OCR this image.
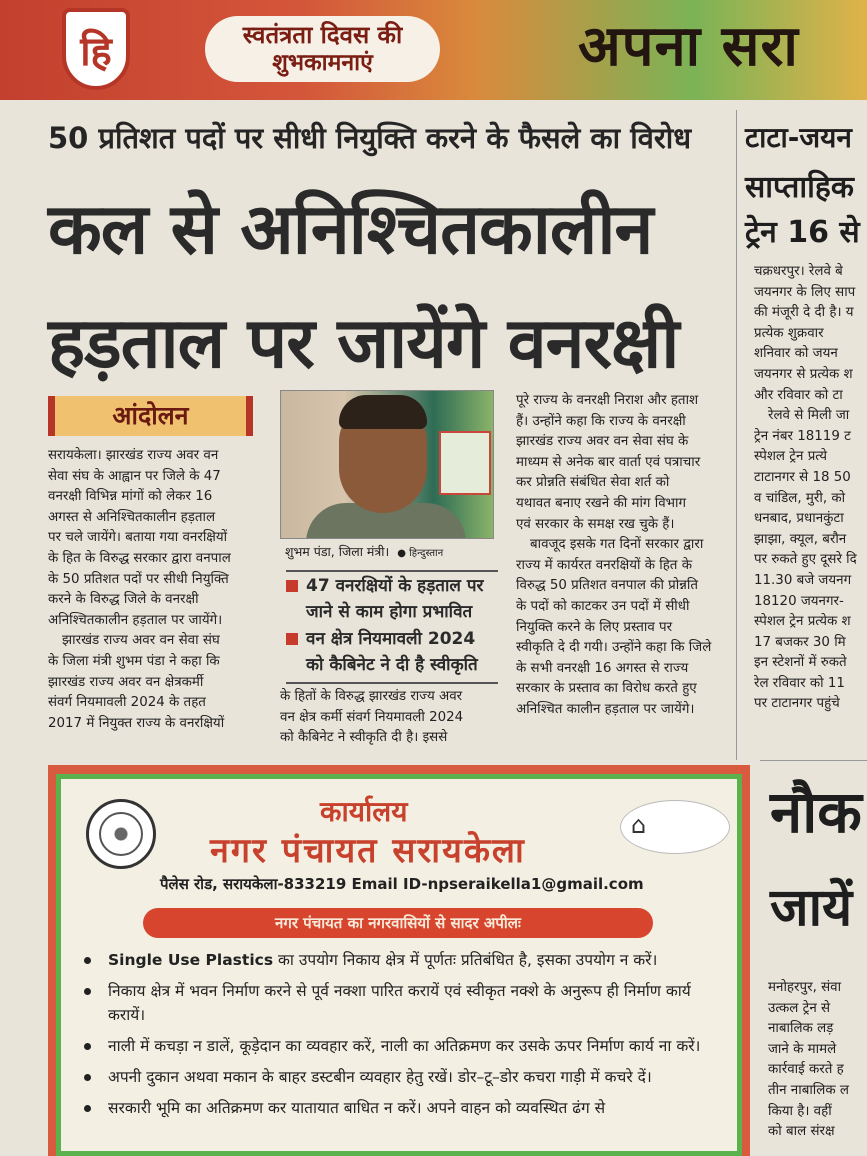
हि	स्वतंत्रता दिवस की
शुभकामनाएं	अपना सरा
50 प्रतिशत पदों पर सीधी नियुक्ति करने के फैसले का विरोध
कल से अनिश्चितकालीन
हड़ताल पर जायेंगे वनरक्षी
आंदोलन

सरायकेला। झारखंड राज्य अवर वन

सेवा संघ के आह्वान पर जिले के 47

वनरक्षी विभिन्न मांगों को लेकर 16

अगस्त से अनिश्चितकालीन हड़ताल

पर चले जायेंगे। बताया गया वनरक्षियों

के हित के विरुद्ध सरकार द्वारा वनपाल

के 50 प्रतिशत पदों पर सीधी नियुक्ति

करने के विरुद्ध जिले के वनरक्षी

अनिश्चितकालीन हड़ताल पर जायेंगे।

झारखंड राज्य अवर वन सेवा संघ

के जिला मंत्री शुभम पंडा ने कहा कि

झारखंड राज्य अवर वन क्षेत्रकर्मी

संवर्ग नियमावली 2024 के तहत

2017 में नियुक्त राज्य के वनरक्षियों

शुभम पंडा, जिला मंत्री। ● हिन्दुस्तान
47 वनरक्षियों के हड़ताल पर
जाने से काम होगा प्रभावित
वन क्षेत्र नियमावली 2024
को कैबिनेट ने दी है स्वीकृति

के हितों के विरुद्ध झारखंड राज्य अवर

वन क्षेत्र कर्मी संवर्ग नियमावली 2024

को कैबिनेट ने स्वीकृति दी है। इससे

पूरे राज्य के वनरक्षी निराश और हताश

हैं। उन्होंने कहा कि राज्य के वनरक्षी

झारखंड राज्य अवर वन सेवा संघ के

माध्यम से अनेक बार वार्ता एवं पत्राचार

कर प्रोन्नति संबंधित सेवा शर्त को

यथावत बनाए रखने की मांग विभाग

एवं सरकार के समक्ष रख चुके हैं।

बावजूद इसके गत दिनों सरकार द्वारा

राज्य में कार्यरत वनरक्षियों के हित के

विरुद्ध 50 प्रतिशत वनपाल की प्रोन्नति

के पदों को काटकर उन पदों में सीधी

नियुक्ति करने के लिए प्रस्ताव पर

स्वीकृति दे दी गयी। उन्होंने कहा कि जिले

के सभी वनरक्षी 16 अगस्त से राज्य

सरकार के प्रस्ताव का विरोध करते हुए

अनिश्चित कालीन हड़ताल पर जायेंगे।

टाटा-जयन
साप्ताहिक
ट्रेन 16 से

चक्रधरपुर। रेलवे बे

जयनगर के लिए साप

की मंजूरी दे दी है। य

प्रत्येक शुक्रवार

शनिवार को जयन

जयनगर से प्रत्येक श

और रविवार को टा

रेलवे से मिली जा

ट्रेन नंबर 18119 ट

स्पेशल ट्रेन प्रत्ये

टाटानगर से 18 50

व चांडिल, मुरी, को

धनबाद, प्रधानकुंटा

झाझा, क्यूल, बरौन

पर रुकते हुए दूसरे दि

11.30 बजे जयनग

18120 जयनगर-

स्पेशल ट्रेन प्रत्येक श

17 बजकर 30 मि

इन स्टेशनों में रुकते

रेल रविवार को 11

पर टाटानगर पहुंचे

नौक
जायें

मनोहरपुर, संवा

उत्कल ट्रेन से

नाबालिक लड़

जाने के मामले

कार्रवाई करते ह

तीन नाबालिक ल

किया है। वहीं

को बाल संरक्ष

कार्यालय
नगर पंचायत सरायकेला
⌂
पैलेस रोड, सरायकेला-833219 Email ID-npseraikella1@gmail.com
नगर पंचायत का नगरवासियों से सादर अपीलः
Single Use Plastics का उपयोग निकाय क्षेत्र में पूर्णतः प्रतिबंधित है, इसका उपयोग न करें।
निकाय क्षेत्र में भवन निर्माण करने से पूर्व नक्शा पारित करायें एवं स्वीकृत नक्शे के अनुरूप ही निर्माण कार्य करायें।
नाली में कचड़ा न डालें, कूड़ेदान का व्यवहार करें, नाली का अतिक्रमण कर उसके ऊपर निर्माण कार्य ना करें।
अपनी दुकान अथवा मकान के बाहर डस्टबीन व्यवहार हेतु रखें। डोर–टू–डोर कचरा गाड़ी में कचरे दें।
सरकारी भूमि का अतिक्रमण कर यातायात बाधित न करें। अपने वाहन को व्यवस्थित ढंग से
